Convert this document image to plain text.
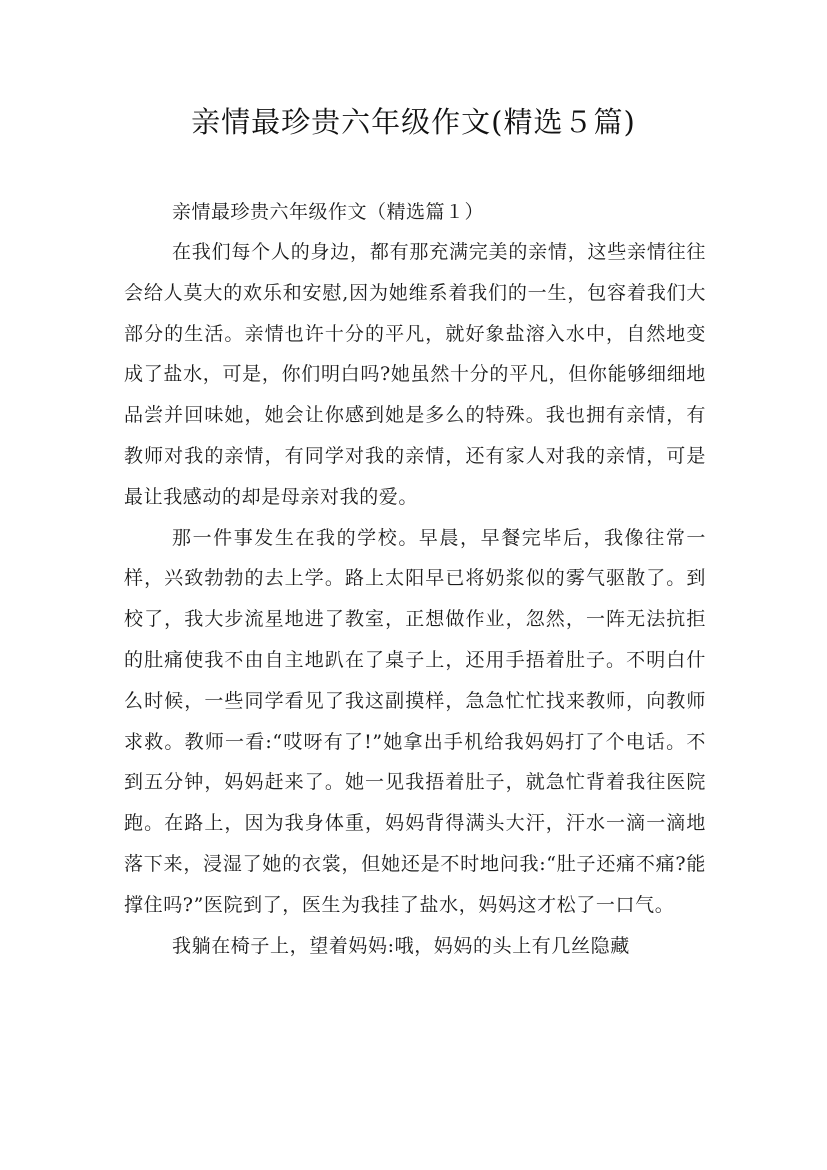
亲情最珍贵六年级作文(精选５篇)

亲情最珍贵六年级作文（精选篇１）

在我们每个人的身边，都有那充满完美的亲情，这些亲情往往会给人莫大的欢乐和安慰,因为她维系着我们的一生，包容着我们大部分的生活。亲情也许十分的平凡，就好象盐溶入水中，自然地变成了盐水，可是，你们明白吗?她虽然十分的平凡，但你能够细细地品尝并回味她，她会让你感到她是多么的特殊。我也拥有亲情，有教师对我的亲情，有同学对我的亲情，还有家人对我的亲情，可是最让我感动的却是母亲对我的爱。

那一件事发生在我的学校。早晨，早餐完毕后，我像往常一样，兴致勃勃的去上学。路上太阳早已将奶浆似的雾气驱散了。到校了，我大步流星地进了教室，正想做作业，忽然，一阵无法抗拒的肚痛使我不由自主地趴在了桌子上，还用手捂着肚子。不明白什么时候，一些同学看见了我这副摸样，急急忙忙找来教师，向教师求救。教师一看:“哎呀有了!”她拿出手机给我妈妈打了个电话。不到五分钟，妈妈赶来了。她一见我捂着肚子，就急忙背着我往医院跑。在路上，因为我身体重，妈妈背得满头大汗，汗水一滴一滴地落下来，浸湿了她的衣裳，但她还是不时地问我:“肚子还痛不痛?能撑住吗?”医院到了，医生为我挂了盐水，妈妈这才松了一口气。

我躺在椅子上，望着妈妈:哦，妈妈的头上有几丝隐藏
